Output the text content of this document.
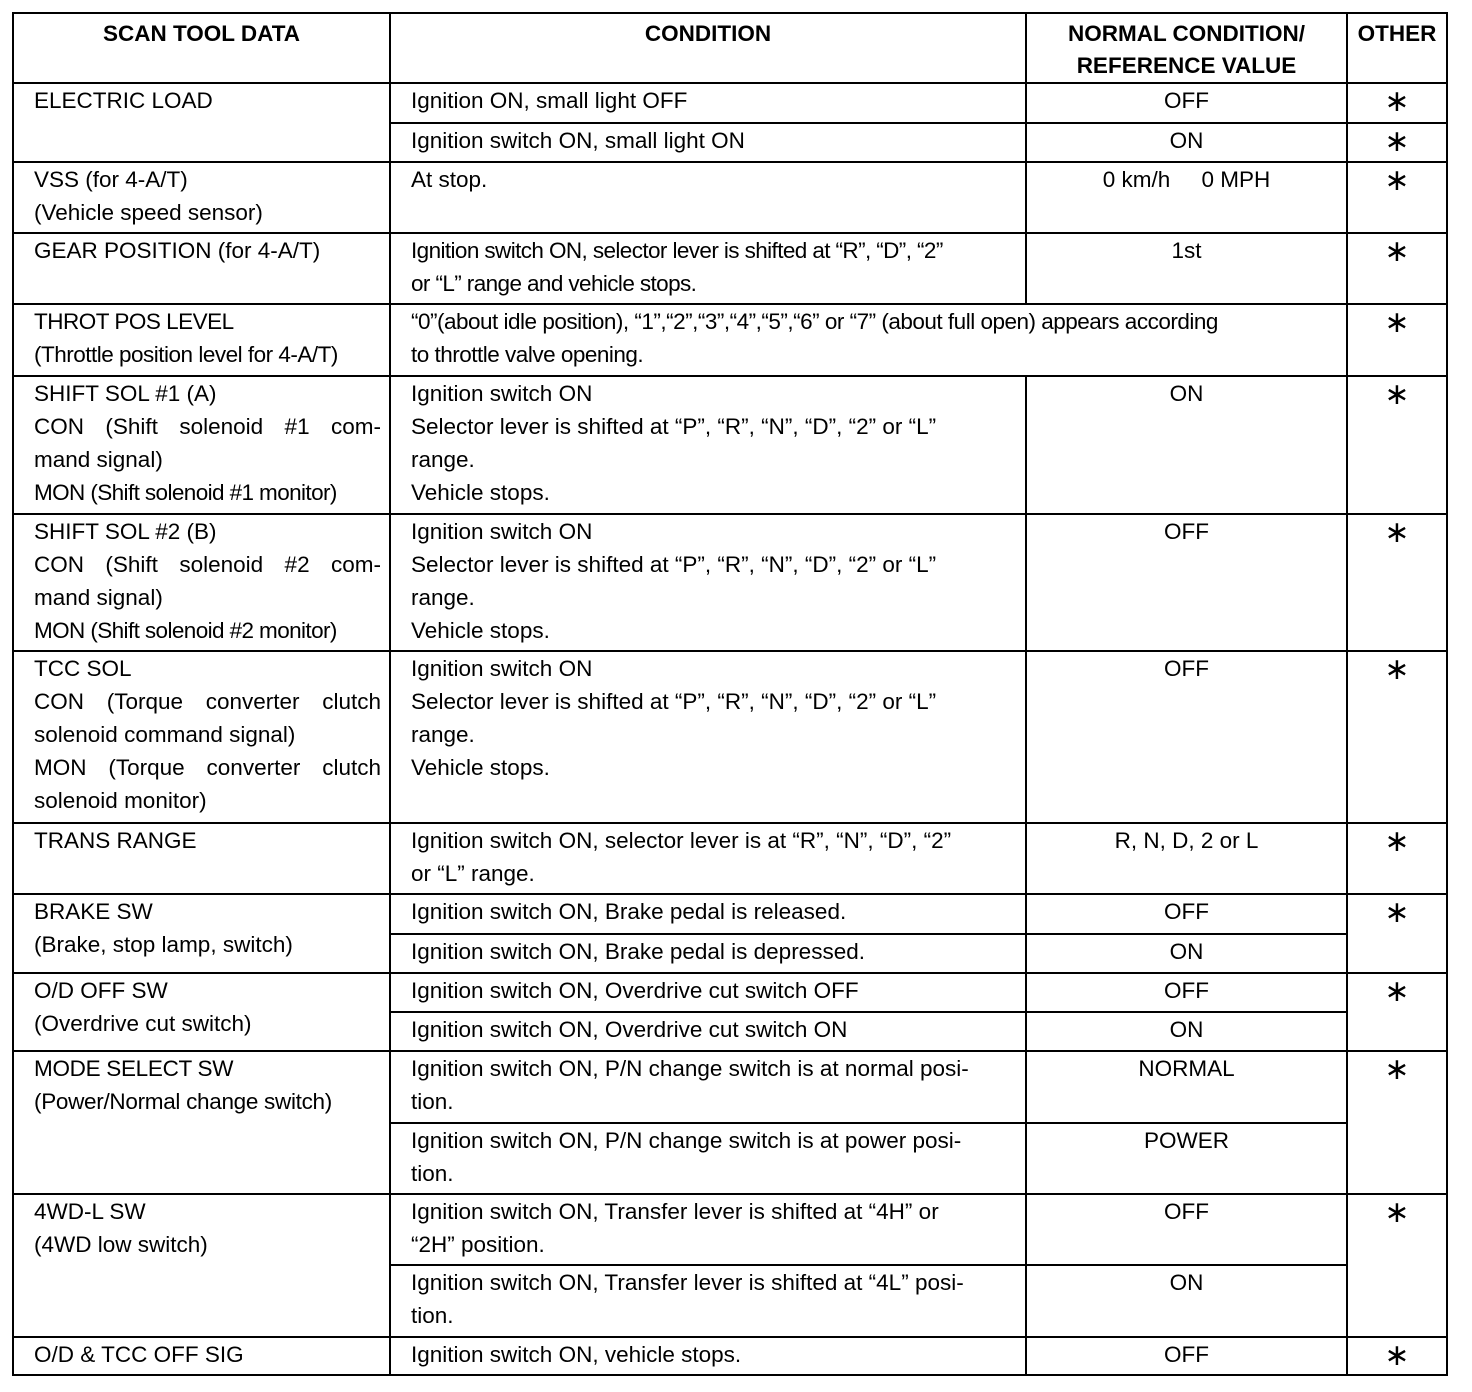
SCAN TOOL DATA	CONDITION	NORMAL CONDITION/
REFERENCE VALUE	OTHER

ELECTRIC LOAD	Ignition ON, small light OFF	OFF	∗

	Ignition switch ON, small light ON	ON	∗

VSS (for 4-A/T)
(Vehicle speed sensor)	At stop.	0 km/h 0 MPH	∗

GEAR POSITION (for 4-A/T)	Ignition switch ON, selector lever is shifted at “R”, “D”, “2”
or “L” range and vehicle stops.	1st	∗

THROT POS LEVEL
(Throttle position level for 4-A/T)	“0”(about idle position), “1”,“2”,“3”,“4”,“5”,“6” or “7” (about full open) appears according
to throttle valve opening.		∗

SHIFT SOL #1 (A)
CON (Shift solenoid #1 com-
mand signal)
MON (Shift solenoid #1 monitor)	Ignition switch ON
Selector lever is shifted at “P”, “R”, “N”, “D”, “2” or “L”
range.
Vehicle stops.	ON	∗

SHIFT SOL #2 (B)
CON (Shift solenoid #2 com-
mand signal)
MON (Shift solenoid #2 monitor)	Ignition switch ON
Selector lever is shifted at “P”, “R”, “N”, “D”, “2” or “L”
range.
Vehicle stops.	OFF	∗

TCC SOL
CON (Torque converter clutch
solenoid command signal)
MON (Torque converter clutch
solenoid monitor)	Ignition switch ON
Selector lever is shifted at “P”, “R”, “N”, “D”, “2” or “L”
range.
Vehicle stops.	OFF	∗

TRANS RANGE	Ignition switch ON, selector lever is at “R”, “N”, “D”, “2”
or “L” range.	R, N, D, 2 or L	∗

BRAKE SW
(Brake, stop lamp, switch)	Ignition switch ON, Brake pedal is released.	OFF	∗

	Ignition switch ON, Brake pedal is depressed.	ON	

O/D OFF SW
(Overdrive cut switch)	Ignition switch ON, Overdrive cut switch OFF	OFF	∗

	Ignition switch ON, Overdrive cut switch ON	ON	

MODE SELECT SW
(Power/Normal change switch)	Ignition switch ON, P/N change switch is at normal posi-
tion.	NORMAL	∗

	Ignition switch ON, P/N change switch is at power posi-
tion.	POWER	

4WD-L SW
(4WD low switch)	Ignition switch ON, Transfer lever is shifted at “4H” or
“2H” position.	OFF	∗

	Ignition switch ON, Transfer lever is shifted at “4L” posi-
tion.	ON	

O/D & TCC OFF SIG	Ignition switch ON, vehicle stops.	OFF	∗
